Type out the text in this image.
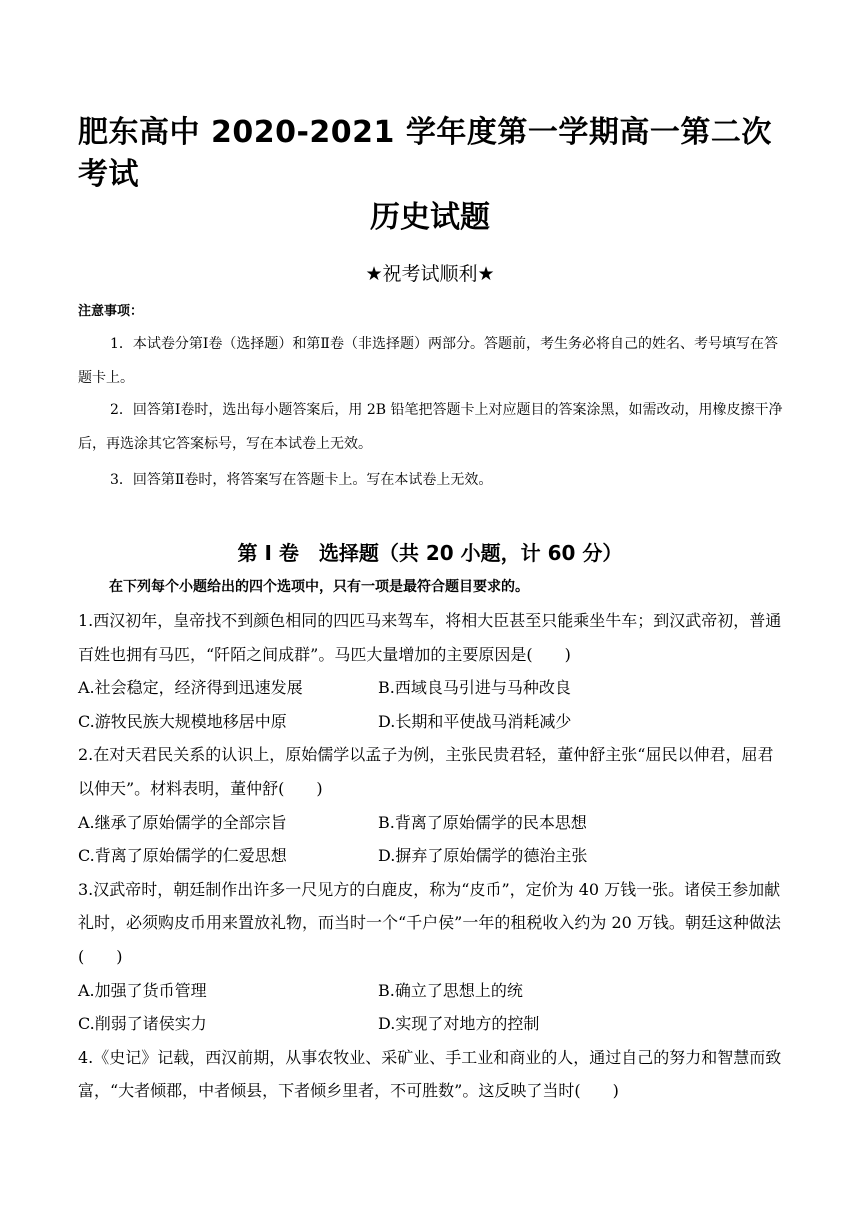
肥东高中 2020-2021 学年度第一学期高一第二次考试
历史试题
★祝考试顺利★
注意事项：
1．本试卷分第Ⅰ卷（选择题）和第Ⅱ卷（非选择题）两部分。答题前，考生务必将自己的姓名、考号填写在答题卡上。
2．回答第Ⅰ卷时，选出每小题答案后，用 2B 铅笔把答题卡上对应题目的答案涂黑，如需改动，用橡皮擦干净后，再选涂其它答案标号，写在本试卷上无效。
3．回答第Ⅱ卷时，将答案写在答题卡上。写在本试卷上无效。
第 I 卷　选择题（共 20 小题，计 60 分）
在下列每个小题给出的四个选项中，只有一项是最符合题目要求的。

1.西汉初年，皇帝找不到颜色相同的四匹马来驾车，将相大臣甚至只能乘坐牛车；到汉武帝初，普通百姓也拥有马匹，“阡陌之间成群”。马匹大量增加的主要原因是(　　)

A.社会稳定，经济得到迅速发展	B.西域良马引进与马种改良
C.游牧民族大规模地移居中原	D.长期和平使战马消耗减少

2.在对天君民关系的认识上，原始儒学以孟子为例，主张民贵君轻，董仲舒主张“屈民以伸君，屈君以伸天”。材料表明，董仲舒(　　)

A.继承了原始儒学的全部宗旨	B.背离了原始儒学的民本思想
C.背离了原始儒学的仁爱思想	D.摒弃了原始儒学的德治主张

3.汉武帝时，朝廷制作出许多一尺见方的白鹿皮，称为“皮币”，定价为 40 万钱一张。诸侯王参加献礼时，必须购皮币用来置放礼物，而当时一个“千户侯”一年的租税收入约为 20 万钱。朝廷这种做法(　　)

A.加强了货币管理	B.确立了思想上的统
C.削弱了诸侯实力	D.实现了对地方的控制

4.《史记》记载，西汉前期，从事农牧业、采矿业、手工业和商业的人，通过自己的努力和智慧而致富，“大者倾郡，中者倾县，下者倾乡里者，不可胜数”。这反映了当时(　　)
